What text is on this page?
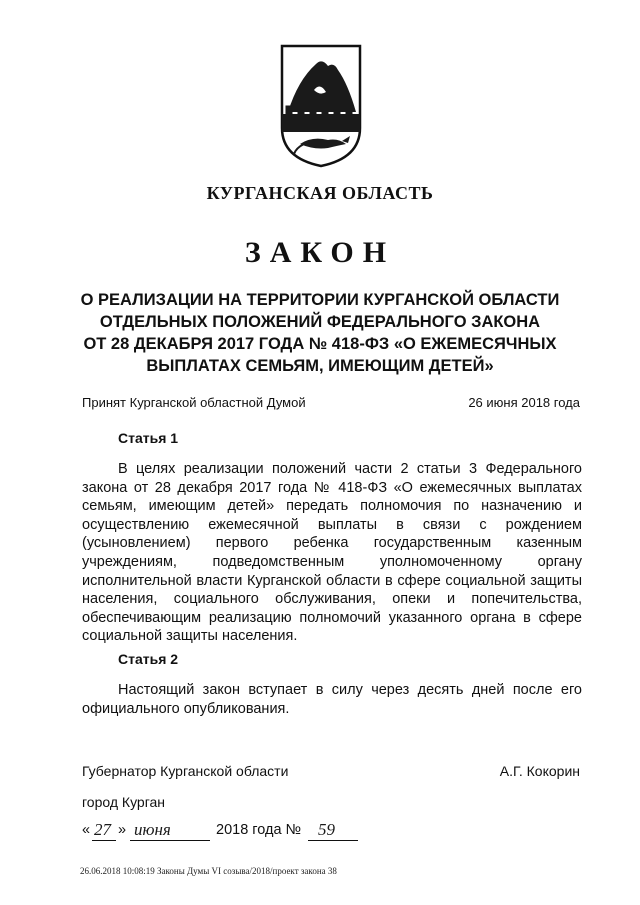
КУРГАНСКАЯ ОБЛАСТЬ
ЗАКОН
О РЕАЛИЗАЦИИ НА ТЕРРИТОРИИ КУРГАНСКОЙ ОБЛАСТИ
ОТДЕЛЬНЫХ ПОЛОЖЕНИЙ ФЕДЕРАЛЬНОГО ЗАКОНА
ОТ 28 ДЕКАБРЯ 2017 ГОДА № 418-ФЗ «О ЕЖЕМЕСЯЧНЫХ
ВЫПЛАТАХ СЕМЬЯМ, ИМЕЮЩИМ ДЕТЕЙ»
Принят Курганской областной Думой	26 июня 2018 года
Статья 1
В целях реализации положений части 2 статьи 3 Федерального закона от 28 декабря 2017 года № 418-ФЗ «О ежемесячных выплатах семьям, имеющим детей» передать полномочия по назначению и осуществлению ежемесячной выплаты в связи с рождением (усыновлением) первого ребенка государственным казенным учреждениям, подведомственным уполномоченному органу исполнительной власти Курганской области в сфере социальной защиты населения, социального обслуживания, опеки и попечительства, обеспечивающим реализацию полномочий указанного органа в сфере социальной защиты населения.
Статья 2
Настоящий закон вступает в силу через десять дней после его официального опубликования.
Губернатор Курганской области	А.Г. Кокорин
город Курган
« 27 » июня	2018 года № 59
26.06.2018 10:08:19 Законы Думы VI созыва/2018/проект закона 38
